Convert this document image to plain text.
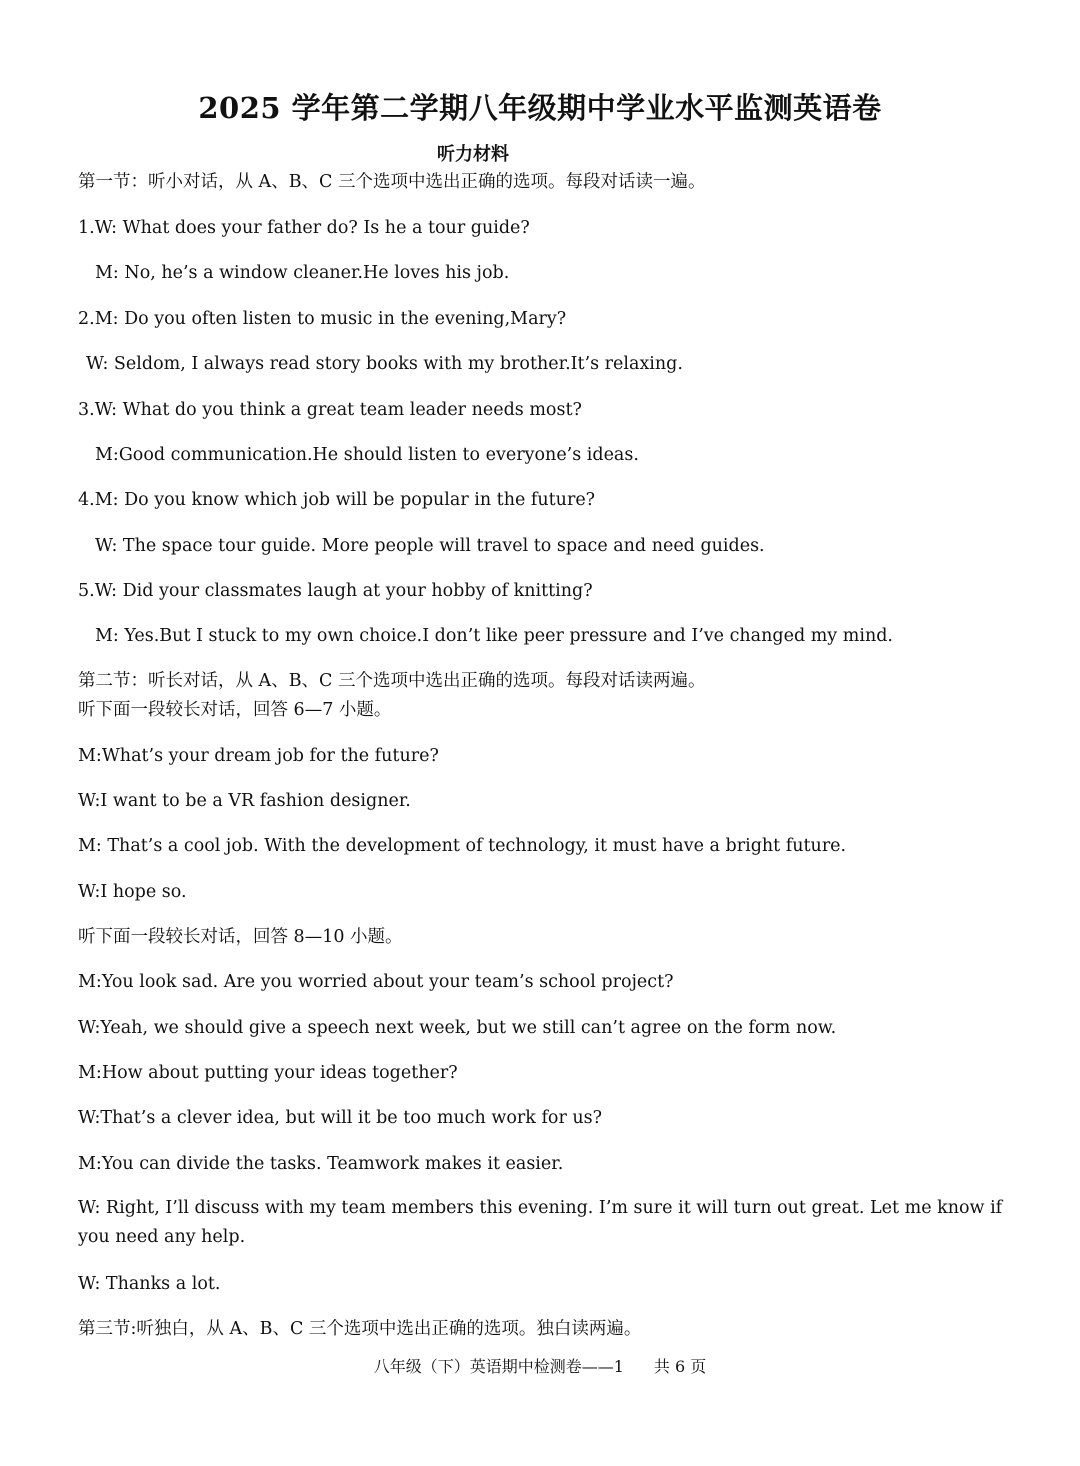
2025 学年第二学期八年级期中学业水平监测英语卷
听力材料
第一节：听小对话，从 A、B、C 三个选项中选出正确的选项。每段对话读一遍。
1.W: What does your father do? Is he a tour guide?
M: No, he’s a window cleaner.He loves his job.
2.M: Do you often listen to music in the evening,Mary?
W: Seldom, I always read story books with my brother.It’s relaxing.
3.W: What do you think a great team leader needs most?
M:Good communication.He should listen to everyone’s ideas.
4.M: Do you know which job will be popular in the future?
W: The space tour guide. More people will travel to space and need guides.
5.W: Did your classmates laugh at your hobby of knitting?
M: Yes.But I stuck to my own choice.I don’t like peer pressure and I’ve changed my mind.
第二节：听长对话，从 A、B、C 三个选项中选出正确的选项。每段对话读两遍。
听下面一段较长对话，回答 6—7 小题。
M:What’s your dream job for the future?
W:I want to be a VR fashion designer.
M: That’s a cool job. With the development of technology, it must have a bright future.
W:I hope so.
听下面一段较长对话，回答 8—10 小题。
M:You look sad. Are you worried about your team’s school project?
W:Yeah, we should give a speech next week, but we still can’t agree on the form now.
M:How about putting your ideas together?
W:That’s a clever idea, but will it be too much work for us?
M:You can divide the tasks. Teamwork makes it easier.
W: Right, I’ll discuss with my team members this evening. I’m sure it will turn out great. Let me know if you need any help.
W: Thanks a lot.
第三节:听独白，从 A、B、C 三个选项中选出正确的选项。独白读两遍。
八年级（下）英语期中检测卷——1 共 6 页
